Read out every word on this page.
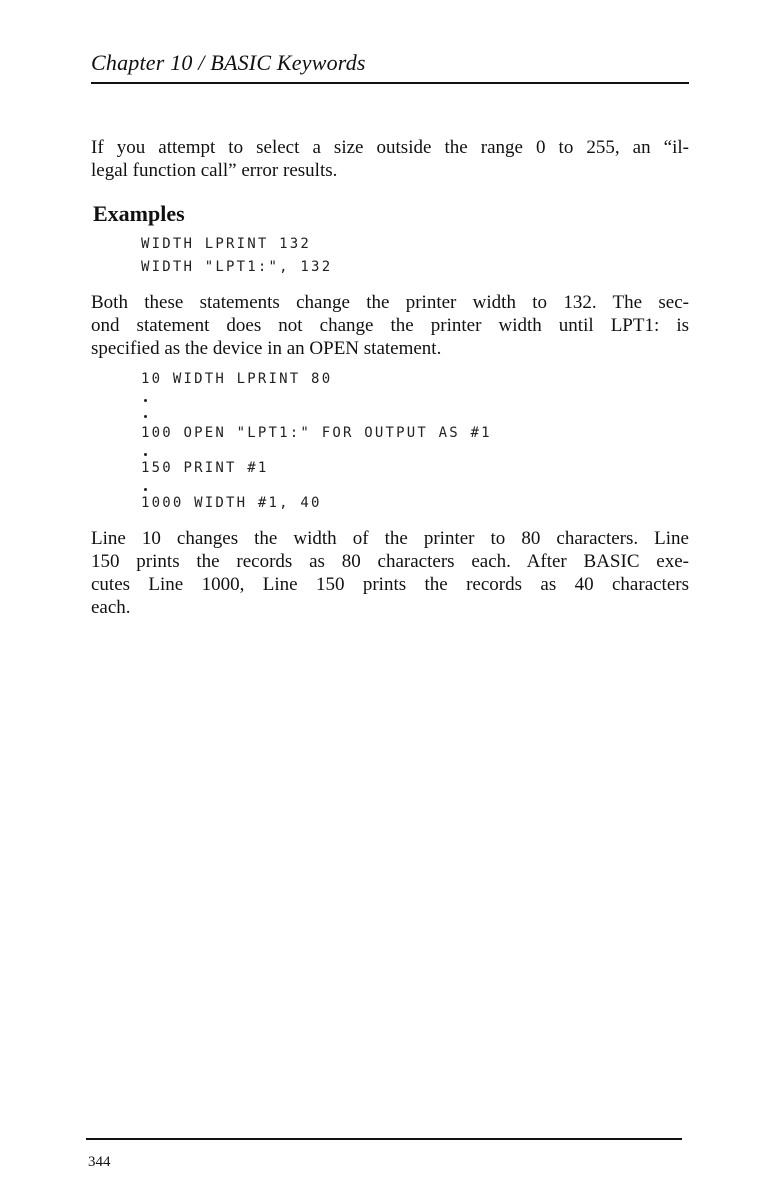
Chapter 10 / BASIC Keywords
If you attempt to select a size outside the range 0 to 255, an “il-
legal function call” error results.
Examples
WIDTH LPRINT 132
WIDTH "LPT1:", 132
Both these statements change the printer width to 132. The sec-
ond statement does not change the printer width until LPT1: is
specified as the device in an OPEN statement.
10 WIDTH LPRINT 80
100 OPEN "LPT1:" FOR OUTPUT AS #1
150 PRINT #1
1000 WIDTH #1, 40
Line 10 changes the width of the printer to 80 characters. Line
150 prints the records as 80 characters each. After BASIC exe-
cutes Line 1000, Line 150 prints the records as 40 characters
each.
344
